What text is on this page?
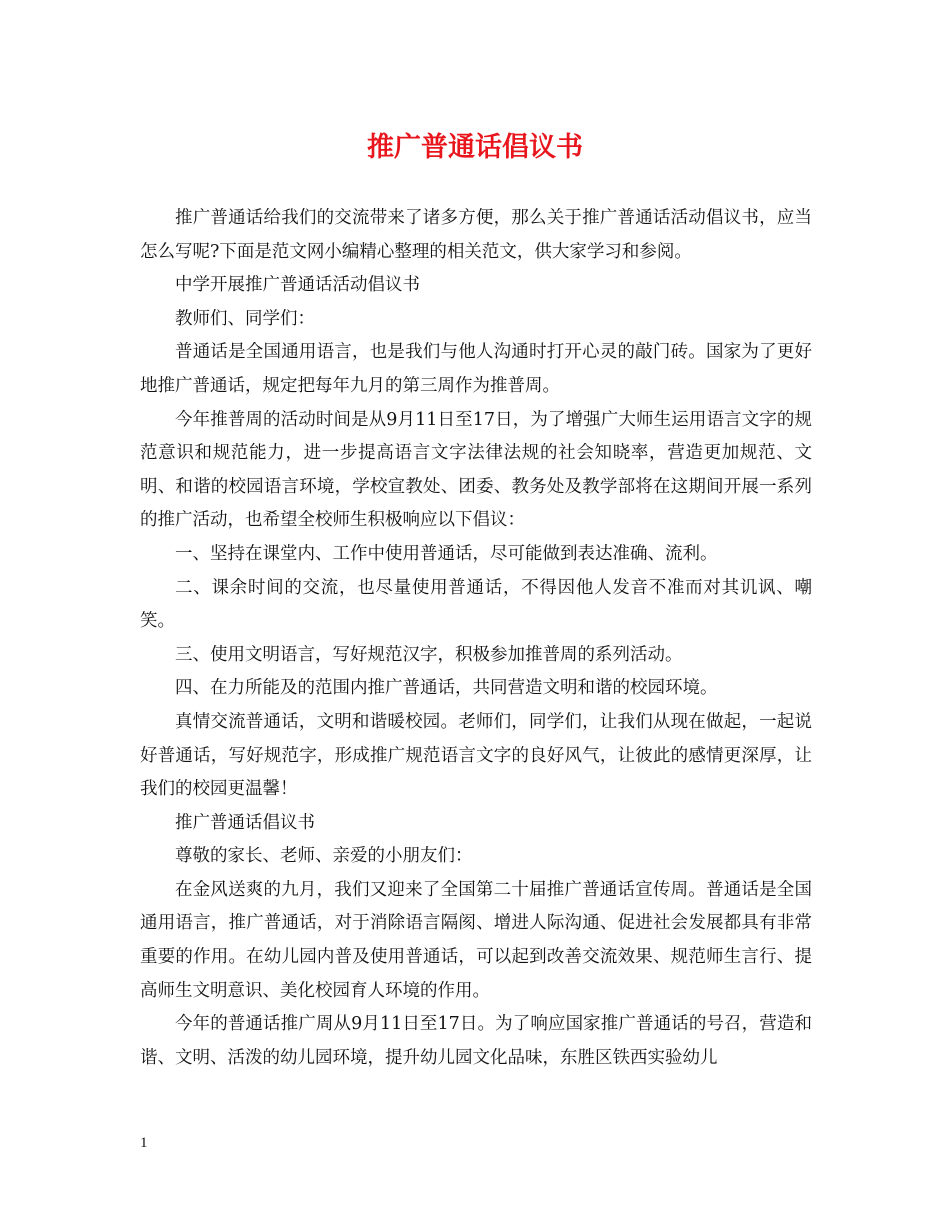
推广普通话倡议书

推广普通话给我们的交流带来了诸多方便，那么关于推广普通话活动倡议书，应当怎么写呢?下面是范文网小编精心整理的相关范文，供大家学习和参阅。

中学开展推广普通话活动倡议书

教师们、同学们：

普通话是全国通用语言，也是我们与他人沟通时打开心灵的敲门砖。国家为了更好地推广普通话，规定把每年九月的第三周作为推普周。

今年推普周的活动时间是从9月11日至17日，为了增强广大师生运用语言文字的规范意识和规范能力，进一步提高语言文字法律法规的社会知晓率，营造更加规范、文明、和谐的校园语言环境，学校宣教处、团委、教务处及教学部将在这期间开展一系列的推广活动，也希望全校师生积极响应以下倡议：

一、坚持在课堂内、工作中使用普通话，尽可能做到表达准确、流利。

二、课余时间的交流，也尽量使用普通话，不得因他人发音不准而对其讥讽、嘲笑。

三、使用文明语言，写好规范汉字，积极参加推普周的系列活动。

四、在力所能及的范围内推广普通话，共同营造文明和谐的校园环境。

真情交流普通话，文明和谐暖校园。老师们，同学们，让我们从现在做起，一起说好普通话，写好规范字，形成推广规范语言文字的良好风气，让彼此的感情更深厚，让我们的校园更温馨！

推广普通话倡议书

尊敬的家长、老师、亲爱的小朋友们：

在金风送爽的九月，我们又迎来了全国第二十届推广普通话宣传周。普通话是全国通用语言，推广普通话，对于消除语言隔阂、增进人际沟通、促进社会发展都具有非常重要的作用。在幼儿园内普及使用普通话，可以起到改善交流效果、规范师生言行、提高师生文明意识、美化校园育人环境的作用。

今年的普通话推广周从9月11日至17日。为了响应国家推广普通话的号召，营造和谐、文明、活泼的幼儿园环境，提升幼儿园文化品味，东胜区铁西实验幼儿

1
